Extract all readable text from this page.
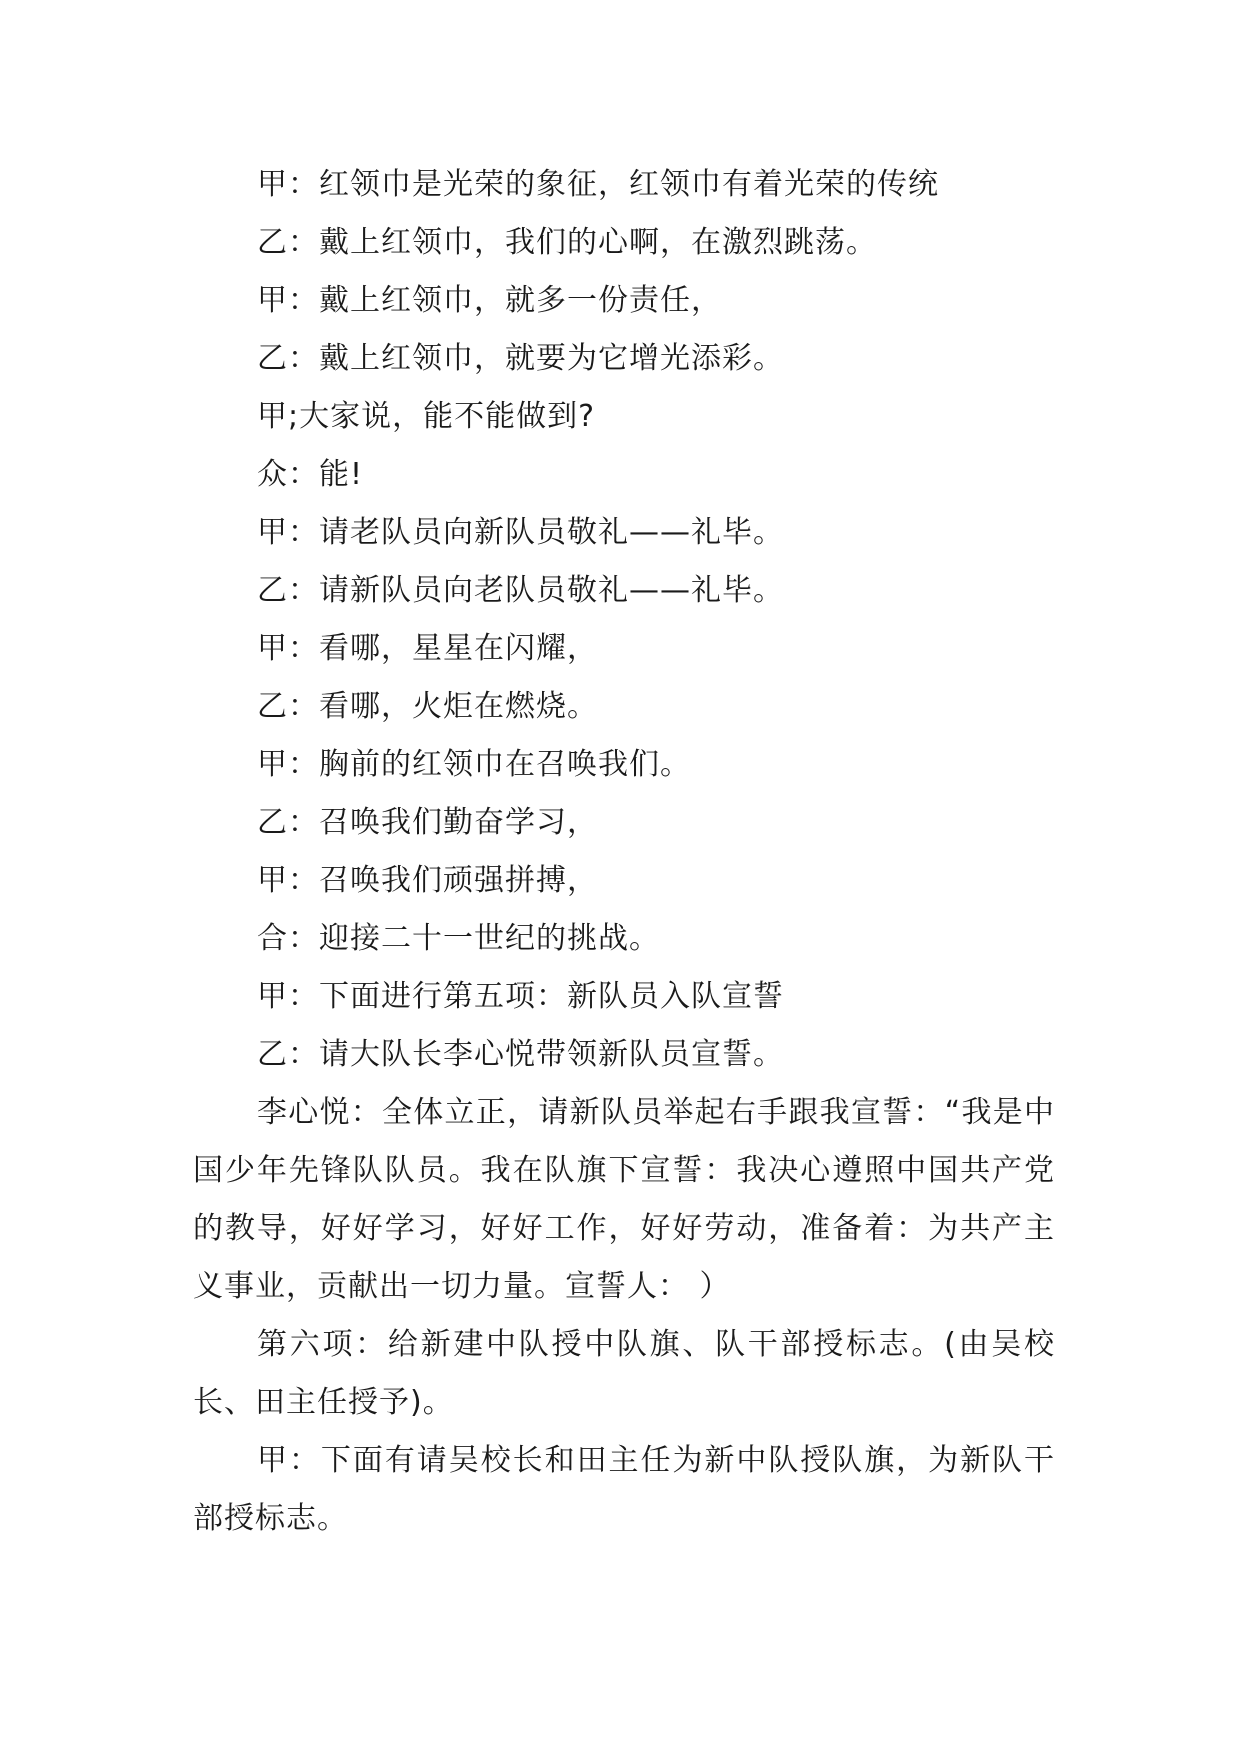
甲：红领巾是光荣的象征，红领巾有着光荣的传统

乙：戴上红领巾，我们的心啊，在激烈跳荡。

甲：戴上红领巾，就多一份责任，

乙：戴上红领巾，就要为它增光添彩。

甲;大家说，能不能做到?

众：能!

甲：请老队员向新队员敬礼——礼毕。

乙：请新队员向老队员敬礼——礼毕。

甲：看哪，星星在闪耀，

乙：看哪，火炬在燃烧。

甲：胸前的红领巾在召唤我们。

乙：召唤我们勤奋学习，

甲：召唤我们顽强拼搏，

合：迎接二十一世纪的挑战。

甲：下面进行第五项：新队员入队宣誓

乙：请大队长李心悦带领新队员宣誓。

李心悦：全体立正，请新队员举起右手跟我宣誓：“我是中国少年先锋队队员。我在队旗下宣誓：我决心遵照中国共产党的教导，好好学习，好好工作，好好劳动，准备着：为共产主义事业，贡献出一切力量。宣誓人： ）

第六项：给新建中队授中队旗、队干部授标志。(由吴校长、田主任授予)。

甲：下面有请吴校长和田主任为新中队授队旗，为新队干部授标志。
